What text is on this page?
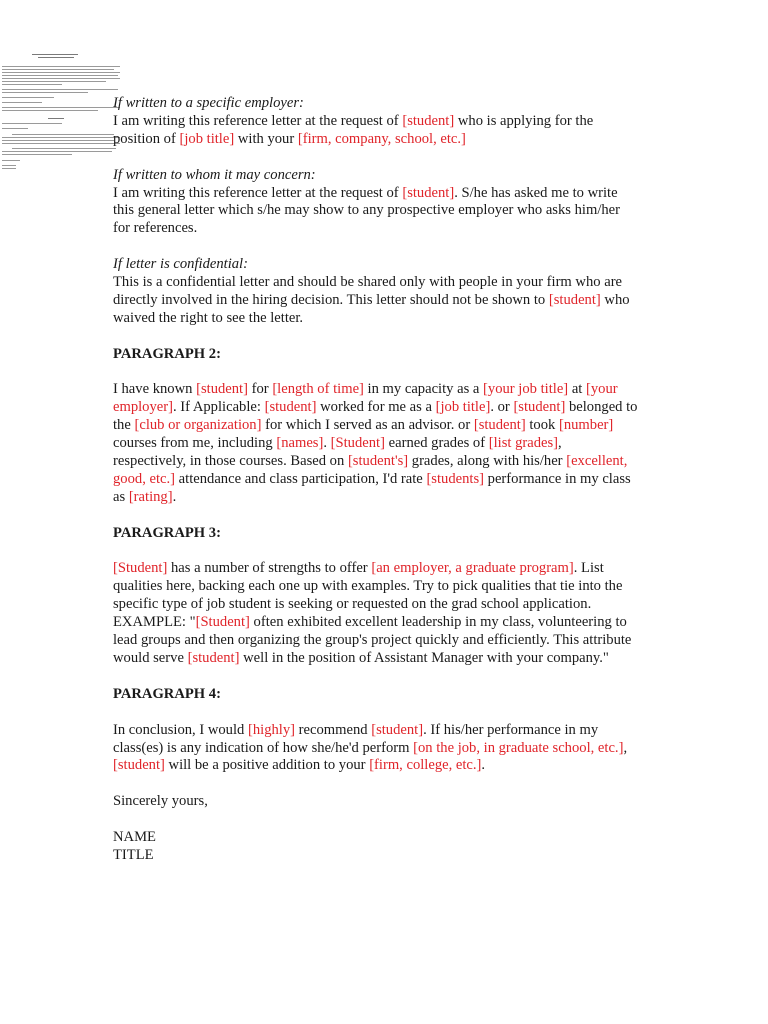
If written to a specific employer:

I am writing this reference letter at the request of [student] who is applying for the
position of [job title] with your [firm, company, school, etc.]

If written to whom it may concern:

I am writing this reference letter at the request of [student]. S/he has asked me to write
this general letter which s/he may show to any prospective employer who asks him/her
for references.

If letter is confidential:

This is a confidential letter and should be shared only with people in your firm who are
directly involved in the hiring decision. This letter should not be shown to [student] who
waived the right to see the letter.

PARAGRAPH 2:

I have known [student] for [length of time] in my capacity as a [your job title] at [your
employer]. If Applicable: [student] worked for me as a [job title]. or [student] belonged to
the [club or organization] for which I served as an advisor. or [student] took [number]
courses from me, including [names]. [Student] earned grades of [list grades],
respectively, in those courses. Based on [student's] grades, along with his/her [excellent,
good, etc.] attendance and class participation, I'd rate [students] performance in my class
as [rating].

PARAGRAPH 3:

[Student] has a number of strengths to offer [an employer, a graduate program]. List
qualities here, backing each one up with examples. Try to pick qualities that tie into the
specific type of job student is seeking or requested on the grad school application.
EXAMPLE: "[Student] often exhibited excellent leadership in my class, volunteering to
lead groups and then organizing the group's project quickly and efficiently. This attribute
would serve [student] well in the position of Assistant Manager with your company."

PARAGRAPH 4:

In conclusion, I would [highly] recommend [student]. If his/her performance in my
class(es) is any indication of how she/he'd perform [on the job, in graduate school, etc.],
[student] will be a positive addition to your [firm, college, etc.].

Sincerely yours,

NAME

TITLE
